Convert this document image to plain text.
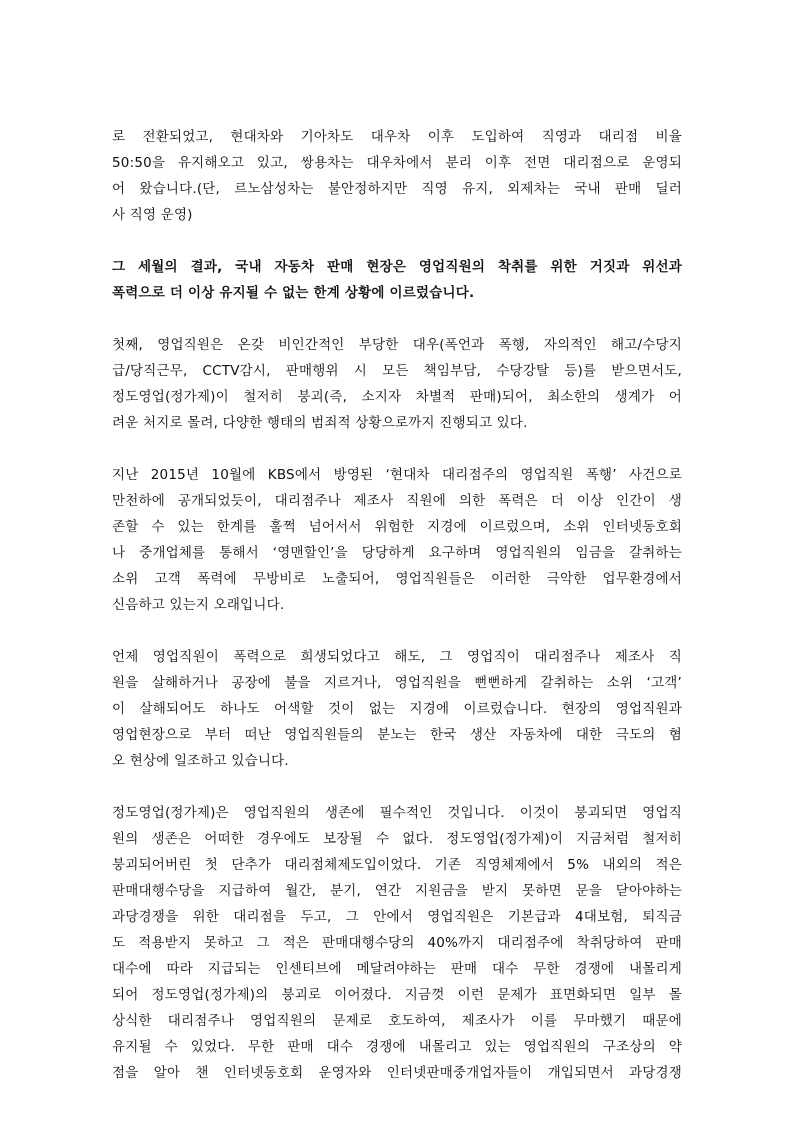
로 전환되었고, 현대차와 기아차도 대우차 이후 도입하여 직영과 대리점 비율
50:50을 유지해오고 있고, 쌍용차는 대우차에서 분리 이후 전면 대리점으로 운영되
어 왔습니다.(단, 르노삼성차는 불안정하지만 직영 유지, 외제차는 국내 판매 딜러
사 직영 운영)
그 세월의 결과, 국내 자동차 판매 현장은 영업직원의 착취를 위한 거짓과 위선과
폭력으로 더 이상 유지될 수 없는 한계 상황에 이르렀습니다.
첫째, 영업직원은 온갖 비인간적인 부당한 대우(폭언과 폭행, 자의적인 해고/수당지
급/당직근무, CCTV감시, 판매행위 시 모든 책임부담, 수당강탈 등)를 받으면서도,
정도영업(정가제)이 철저히 붕괴(즉, 소지자 차별적 판매)되어, 최소한의 생계가 어
려운 처지로 몰려, 다양한 행태의 범죄적 상황으로까지 진행되고 있다.
지난 2015년 10월에 KBS에서 방영된 ‘현대차 대리점주의 영업직원 폭행’ 사건으로
만천하에 공개되었듯이, 대리점주나 제조사 직원에 의한 폭력은 더 이상 인간이 생
존할 수 있는 한계를 훌쩍 넘어서서 위험한 지경에 이르렀으며, 소위 인터넷동호회
나 중개업체를 통해서 ‘영맨할인’을 당당하게 요구하며 영업직원의 임금을 갈취하는
소위 고객 폭력에 무방비로 노출되어, 영업직원들은 이러한 극악한 업무환경에서
신음하고 있는지 오래입니다.
언제 영업직원이 폭력으로 희생되었다고 해도, 그 영업직이 대리점주나 제조사 직
원을 살해하거나 공장에 불을 지르거나, 영업직원을 뻔뻔하게 갈취하는 소위 ‘고객’
이 살해되어도 하나도 어색할 것이 없는 지경에 이르렀습니다. 현장의 영업직원과
영업현장으로 부터 떠난 영업직원들의 분노는 한국 생산 자동차에 대한 극도의 혐
오 현상에 일조하고 있습니다.
정도영업(정가제)은 영업직원의 생존에 필수적인 것입니다. 이것이 붕괴되면 영업직
원의 생존은 어떠한 경우에도 보장될 수 없다. 정도영업(정가제)이 지금처럼 철저히
붕괴되어버린 첫 단추가 대리점체제도입이었다. 기존 직영체제에서 5% 내외의 적은
판매대행수당을 지급하여 월간, 분기, 연간 지원금을 받지 못하면 문을 닫아야하는
과당경쟁을 위한 대리점을 두고, 그 안에서 영업직원은 기본급과 4대보험, 퇴직금
도 적용받지 못하고 그 적은 판매대행수당의 40%까지 대리점주에 착취당하여 판매
대수에 따라 지급되는 인센티브에 메달려야하는 판매 대수 무한 경쟁에 내몰리게
되어 정도영업(정가제)의 붕괴로 이어졌다. 지금껏 이런 문제가 표면화되면 일부 몰
상식한 대리점주나 영업직원의 문제로 호도하여, 제조사가 이를 무마했기 때문에
유지될 수 있었다. 무한 판매 대수 경쟁에 내몰리고 있는 영업직원의 구조상의 약
점을 알아 챈 인터넷동호회 운영자와 인터넷판매중개업자들이 개입되면서 과당경쟁
